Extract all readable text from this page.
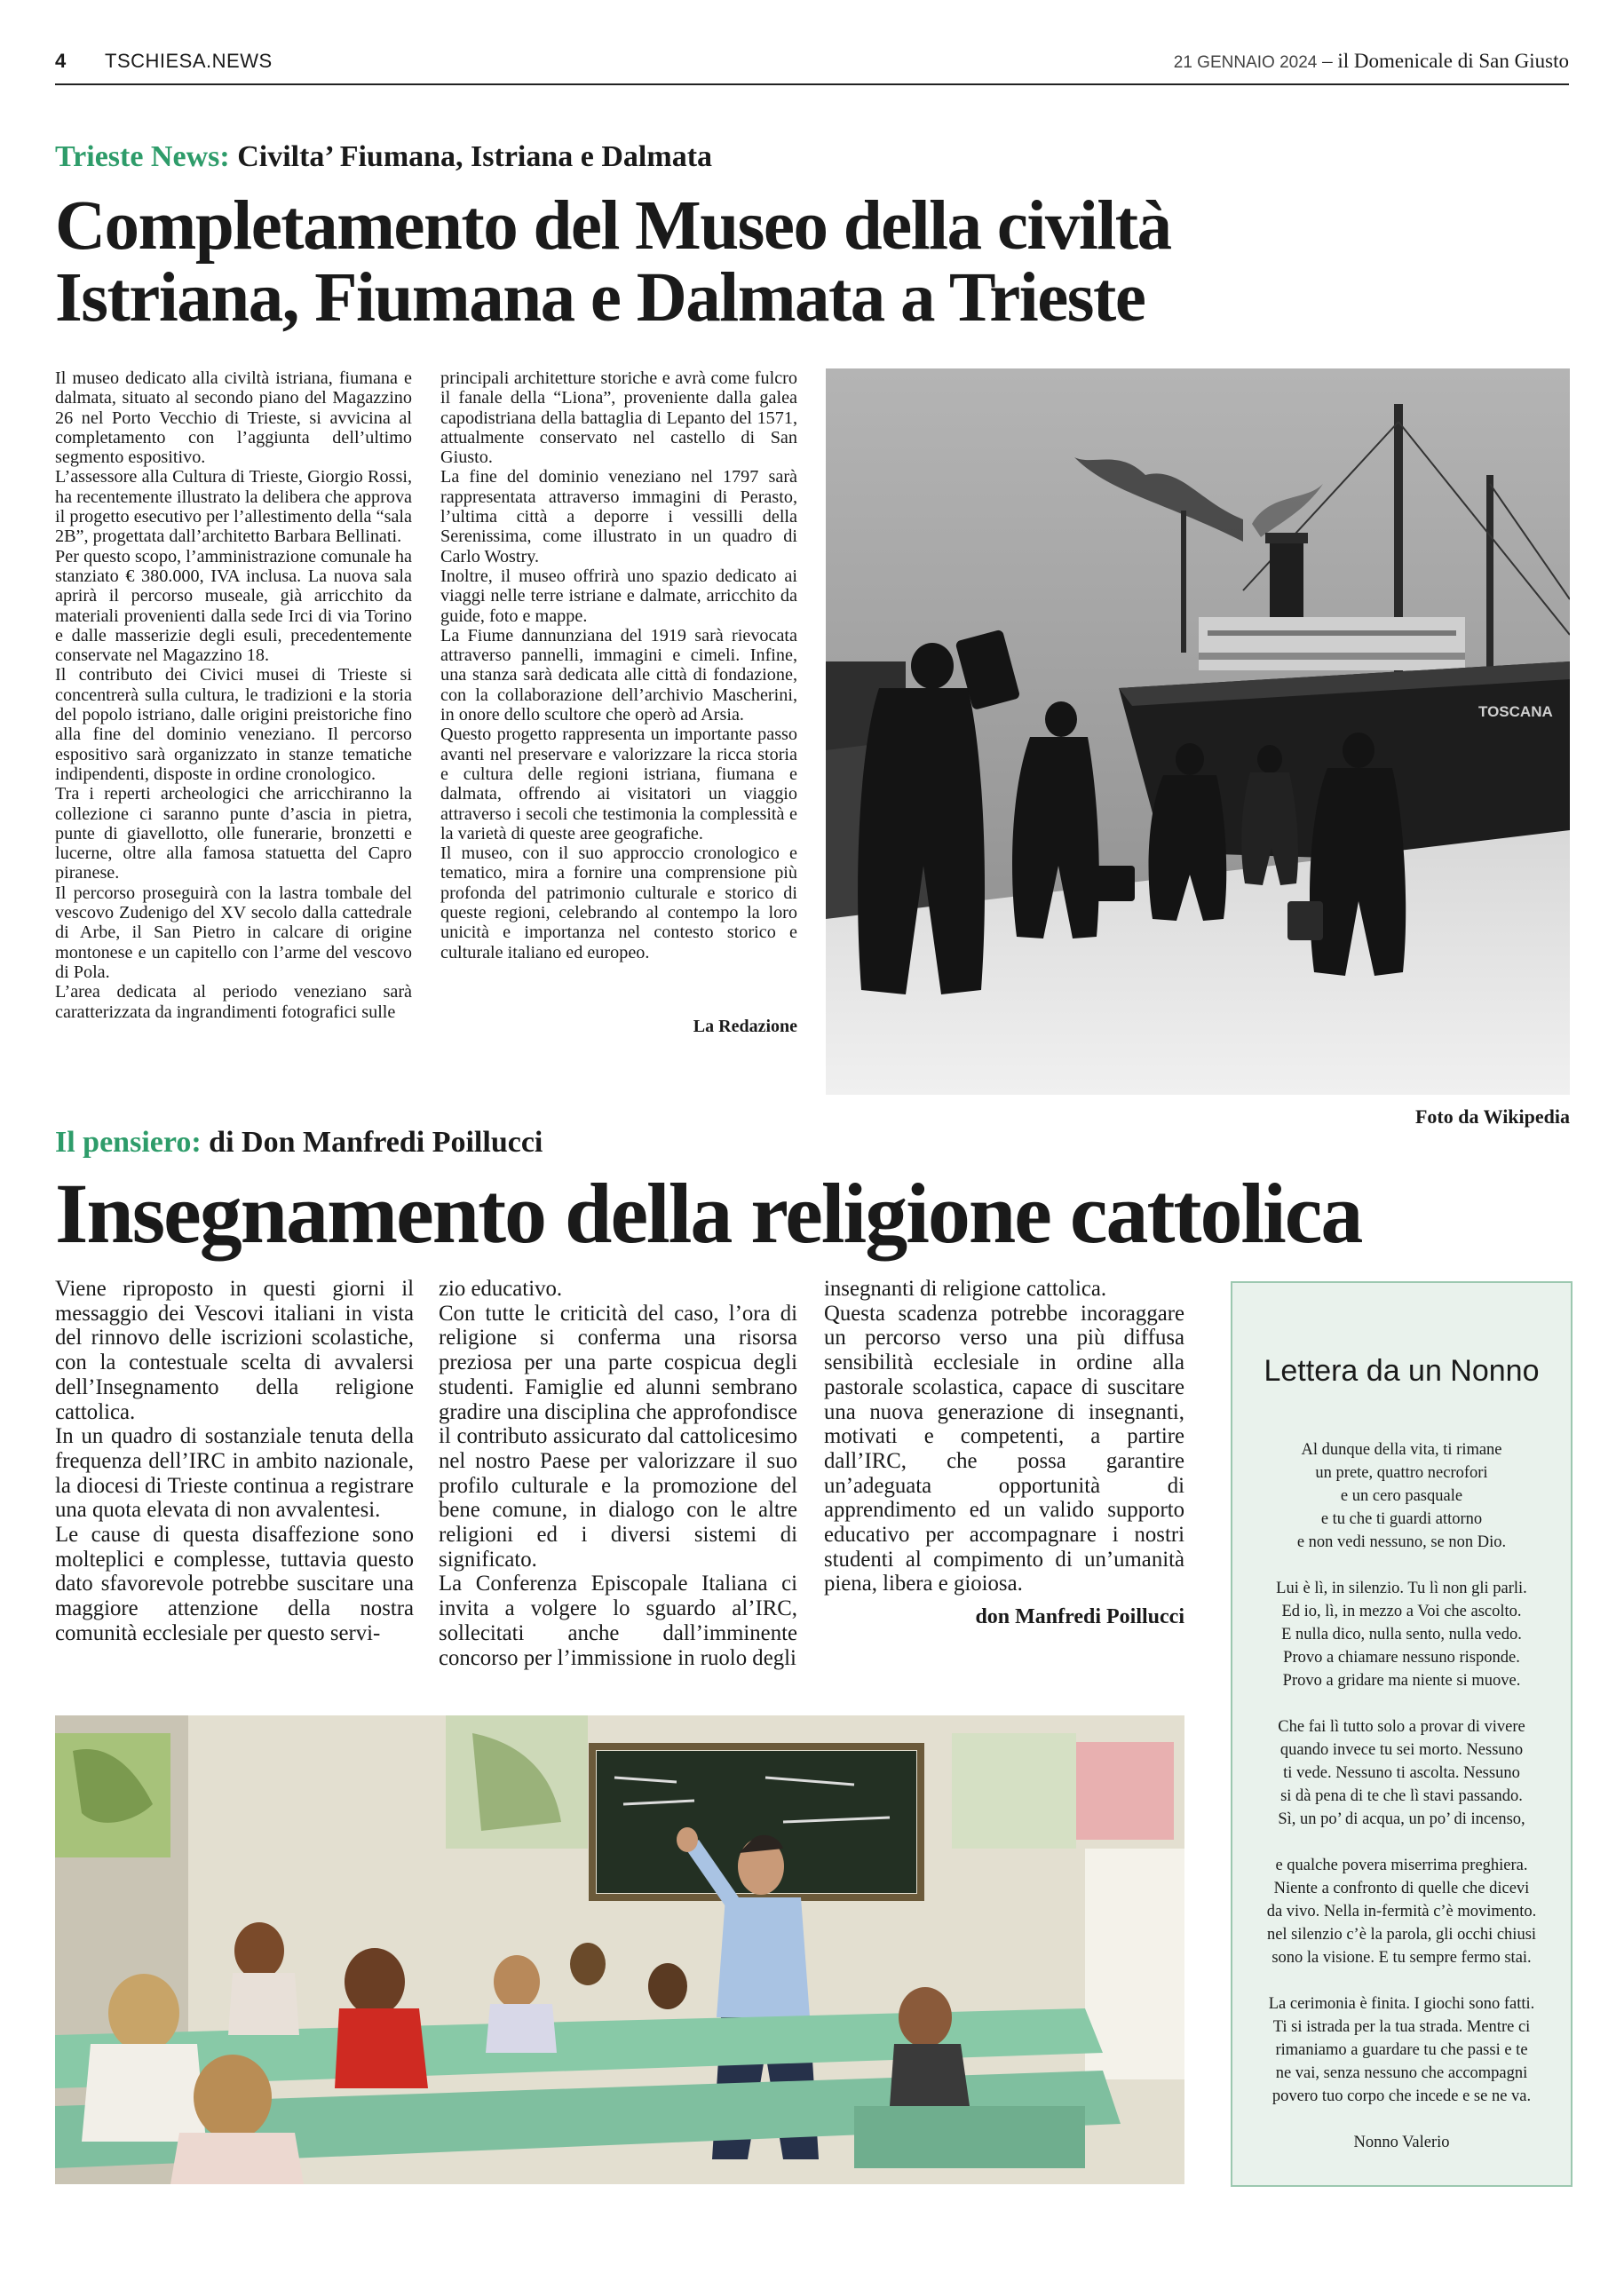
4 TSCHIESA.NEWS	21 GENNAIO 2024 – il Domenicale di San Giusto
Trieste News: Civilta’ Fiumana, Istriana e Dalmata
Completamento del Museo della civiltà
Istriana, Fiumana e Dalmata a Trieste

Il museo dedicato alla civiltà istriana, fiumana e dalmata, situato al secondo piano del Magazzino 26 nel Porto Vecchio di Trieste, si avvicina al completamento con l’aggiunta dell’ultimo segmento espositivo.

L’assessore alla Cultura di Trieste, Giorgio Rossi, ha recentemente illustrato la delibera che approva il progetto esecutivo per l’allestimento della “sala 2B”, progettata dall’architetto Barbara Bellinati.

Per questo scopo, l’amministrazione comunale ha stanziato € 380.000, IVA inclusa. La nuova sala aprirà il percorso museale, già arricchito da materiali provenienti dalla sede Irci di via Torino e dalle masserizie degli esuli, precedentemente conservate nel Magazzino 18.

Il contributo dei Civici musei di Trieste si concentrerà sulla cultura, le tradizioni e la storia del popolo istriano, dalle origini preistoriche fino alla fine del dominio veneziano. Il percorso espositivo sarà organizzato in stanze tematiche indipendenti, disposte in ordine cronologico.

Tra i reperti archeologici che arricchiranno la collezione ci saranno punte d’ascia in pietra, punte di giavellotto, olle funerarie, bronzetti e lucerne, oltre alla famosa statuetta del Capro piranese.

Il percorso proseguirà con la lastra tombale del vescovo Zudenigo del XV secolo dalla cattedrale di Arbe, il San Pietro in calcare di origine montonese e un capitello con l’arme del vescovo di Pola.

L’area dedicata al periodo veneziano sarà caratterizzata da ingrandimenti fotografici sulle

principali architetture storiche e avrà come fulcro il fanale della “Liona”, proveniente dalla galea capodistriana della battaglia di Lepanto del 1571, attualmente conservato nel castello di San Giusto.

La fine del dominio veneziano nel 1797 sarà rappresentata attraverso immagini di Perasto, l’ultima città a deporre i vessilli della Serenissima, come illustrato in un quadro di Carlo Wostry.

Inoltre, il museo offrirà uno spazio dedicato ai viaggi nelle terre istriane e dalmate, arricchito da guide, foto e mappe.

La Fiume dannunziana del 1919 sarà rievocata attraverso pannelli, immagini e cimeli. Infine, una stanza sarà dedicata alle città di fondazione, con la collaborazione dell’archivio Mascherini, in onore dello scultore che operò ad Arsia.

Questo progetto rappresenta un importante passo avanti nel preservare e valorizzare la ricca storia e cultura delle regioni istriana, fiumana e dalmata, offrendo ai visitatori un viaggio attraverso i secoli che testimonia la complessità e la varietà di queste aree geografiche.

Il museo, con il suo approccio cronologico e tematico, mira a fornire una comprensione più profonda del patrimonio culturale e storico di queste regioni, celebrando al contempo la loro unicità e importanza nel contesto storico e culturale italiano ed europeo.

La Redazione
TOSCANA
Foto da Wikipedia
Il pensiero: di Don Manfredi Poillucci
Insegnamento della religione cattolica

Viene riproposto in questi giorni il messaggio dei Vescovi italiani in vista del rinnovo delle iscrizioni scolastiche, con la contestuale scelta di avvalersi dell’Insegnamento della religione cattolica.

In un quadro di sostanziale tenuta della frequenza dell’IRC in ambito nazionale, la diocesi di Trieste continua a registrare una quota elevata di non avvalentesi.

Le cause di questa disaffezione sono molteplici e complesse, tuttavia questo dato sfavorevole potrebbe suscitare una maggiore attenzione della nostra comunità ecclesiale per questo servi-

zio educativo.

Con tutte le criticità del caso, l’ora di religione si conferma una risorsa preziosa per una parte cospicua degli studenti. Famiglie ed alunni sembrano gradire una disciplina che approfondisce il contributo assicurato dal cattolicesimo nel nostro Paese per valorizzare il suo profilo culturale e la promozione del bene comune, in dialogo con le altre religioni ed i diversi sistemi di significato.

La Conferenza Episcopale Italiana ci invita a volgere lo sguardo al’IRC, sollecitati anche dall’imminente concorso per l’immissione in ruolo degli

insegnanti di religione cattolica.

Questa scadenza potrebbe incoraggare un percorso verso una più diffusa sensibilità ecclesiale in ordine alla pastorale scolastica, capace di suscitare una nuova generazione di insegnanti, motivati e competenti, a partire dall’IRC, che possa garantire un’adeguata opportunità di apprendimento ed un valido supporto educativo per accompagnare i nostri studenti al compimento di un’umanità piena, libera e gioiosa.

don Manfredi Poillucci
Lettera da un Nonno

Al dunque della vita, ti rimane
un prete, quattro necrofori
e un cero pasquale
e tu che ti guardi attorno
e non vedi nessuno, se non Dio.

Lui è lì, in silenzio. Tu lì non gli parli.
Ed io, lì, in mezzo a Voi che ascolto.
E nulla dico, nulla sento, nulla vedo.
Provo a chiamare nessuno risponde.
Provo a gridare ma niente si muove.

Che fai lì tutto solo a provar di vivere
quando invece tu sei morto. Nessuno
ti vede. Nessuno ti ascolta. Nessuno
si dà pena di te che lì stavi passando.
Sì, un po’ di acqua, un po’ di incenso,

e qualche povera miserrima preghiera.
Niente a confronto di quelle che dicevi
da vivo. Nella in-fermità c’è movimento.
nel silenzio c’è la parola, gli occhi chiusi
sono la visione. E tu sempre fermo stai.

La cerimonia è finita. I giochi sono fatti.
Ti si istrada per la tua strada. Mentre ci
rimaniamo a guardare tu che passi e te
ne vai, senza nessuno che accompagni
povero tuo corpo che incede e se ne va.

Nonno Valerio
